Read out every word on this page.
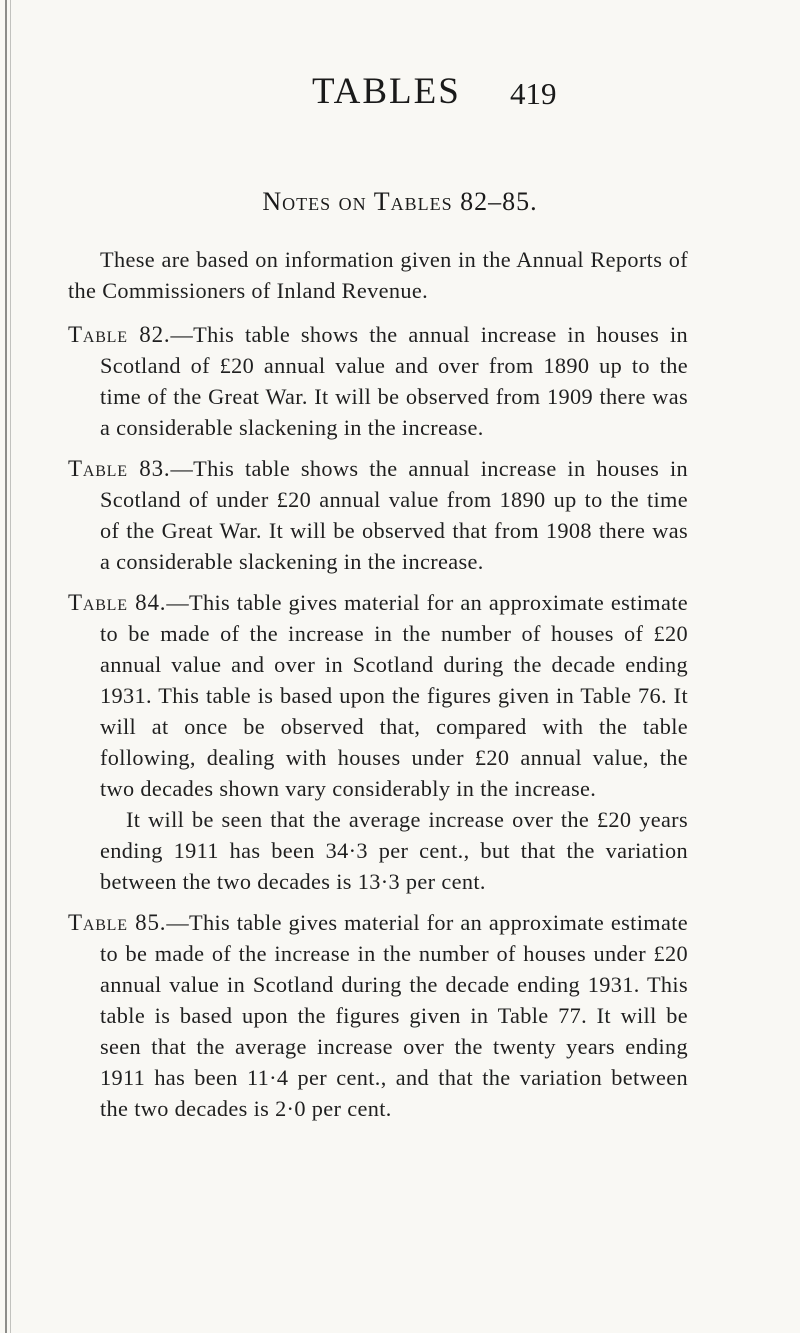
TABLES 419
Notes on Tables 82–85.

These are based on information given in the Annual Reports of the Commissioners of Inland Revenue.

Table 82.—This table shows the annual increase in houses in Scotland of £20 annual value and over from 1890 up to the time of the Great War. It will be observed from 1909 there was a considerable slackening in the increase.

Table 83.—This table shows the annual increase in houses in Scotland of under £20 annual value from 1890 up to the time of the Great War. It will be observed that from 1908 there was a considerable slackening in the increase.

Table 84.—This table gives material for an approximate estimate to be made of the increase in the number of houses of £20 annual value and over in Scotland during the decade ending 1931. This table is based upon the figures given in Table 76. It will at once be observed that, compared with the table following, dealing with houses under £20 annual value, the two decades shown vary considerably in the increase.

It will be seen that the average increase over the £20 years ending 1911 has been 34·3 per cent., but that the variation between the two decades is 13·3 per cent.

Table 85.—This table gives material for an approximate estimate to be made of the increase in the number of houses under £20 annual value in Scotland during the decade ending 1931. This table is based upon the figures given in Table 77. It will be seen that the average increase over the twenty years ending 1911 has been 11·4 per cent., and that the variation between the two decades is 2·0 per cent.
